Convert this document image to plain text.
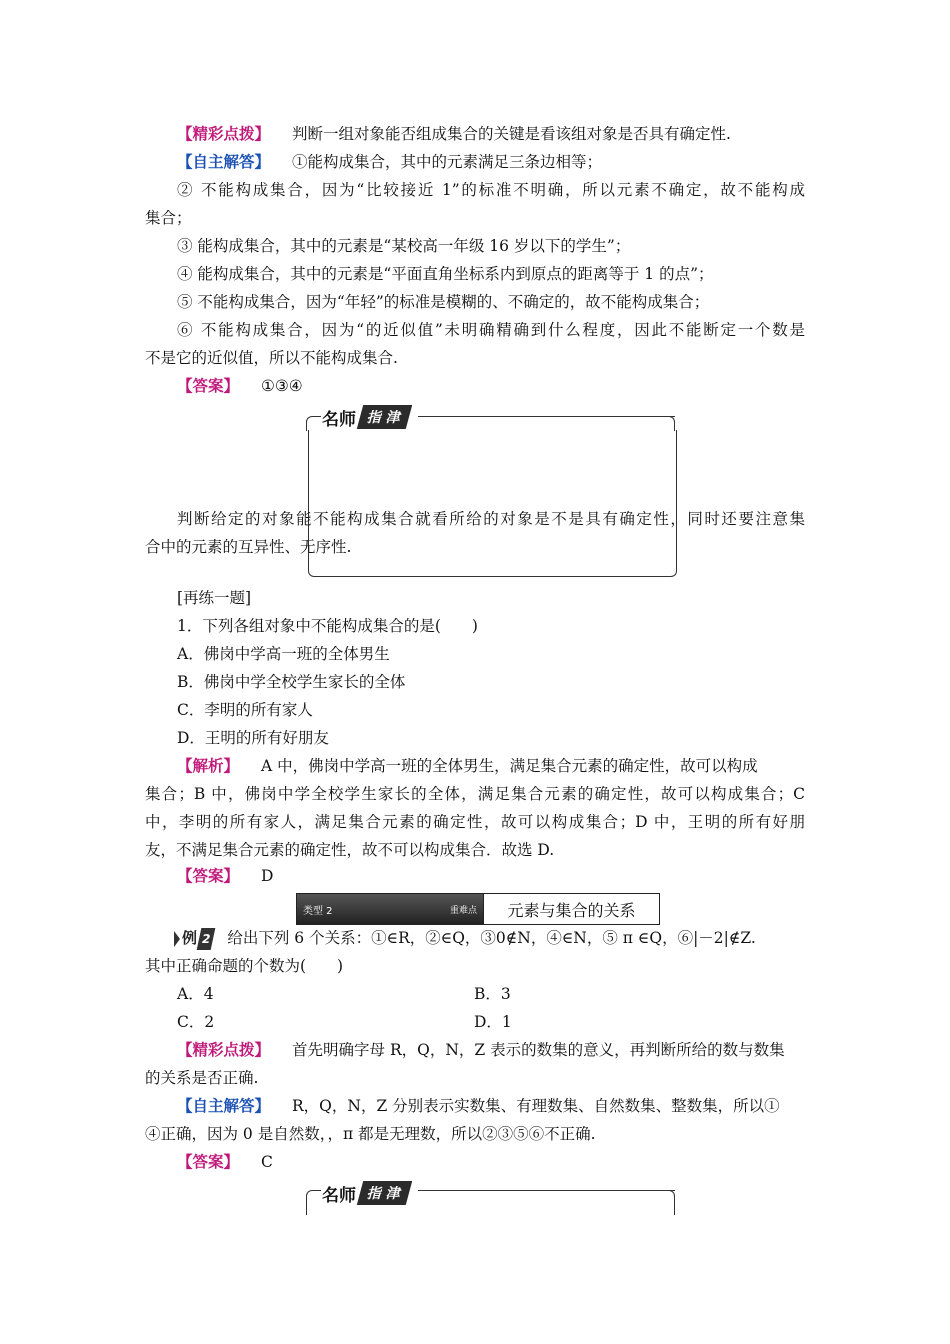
【精彩点拨】 判断一组对象能否组成集合的关键是看该组对象是否具有确定性.
【自主解答】 ①能构成集合，其中的元素满足三条边相等；
② 不能构成集合，因为“比较接近 1”的标准不明确，所以元素不确定，故不能构成
集合；
③ 能构成集合，其中的元素是“某校高一年级 16 岁以下的学生”；
④ 能构成集合，其中的元素是“平面直角坐标系内到原点的距离等于 1 的点”；
⑤ 不能构成集合，因为“年轻”的标准是模糊的、不确定的，故不能构成集合；
⑥ 不能构成集合，因为“的近似值”未明确精确到什么程度，因此不能断定一个数是
不是它的近似值，所以不能构成集合.
【答案】 ①③④
名师 指 津
判断给定的对象能不能构成集合就看所给的对象是不是具有确定性，同时还要注意集
合中的元素的互异性、无序性.
[再练一题]
1．下列各组对象中不能构成集合的是(　　)
A．佛岗中学高一班的全体男生
B．佛岗中学全校学生家长的全体
C．李明的所有家人
D．王明的所有好朋友
【解析】 A 中，佛岗中学高一班的全体男生，满足集合元素的确定性，故可以构成
集合；B 中，佛岗中学全校学生家长的全体，满足集合元素的确定性，故可以构成集合；C
中，李明的所有家人，满足集合元素的确定性，故可以构成集合；D 中，王明的所有好朋
友，不满足集合元素的确定性，故不可以构成集合．故选 D.
【答案】 D
类型 2	重难点	元素与集合的关系
例 2 给出下列 6 个关系：①∈R，②∈Q，③0∉N，④∈N，⑤ π ∈Q，⑥|－2|∉Z.
其中正确命题的个数为(　　)
A．4	B．3
C．2	D．1
【精彩点拨】 首先明确字母 R，Q，N，Z 表示的数集的意义，再判断所给的数与数集
的关系是否正确.
【自主解答】 R，Q，N，Z 分别表示实数集、有理数集、自然数集、整数集，所以①
④正确，因为 0 是自然数，，π 都是无理数，所以②③⑤⑥不正确.
【答案】 C
名师 指 津
